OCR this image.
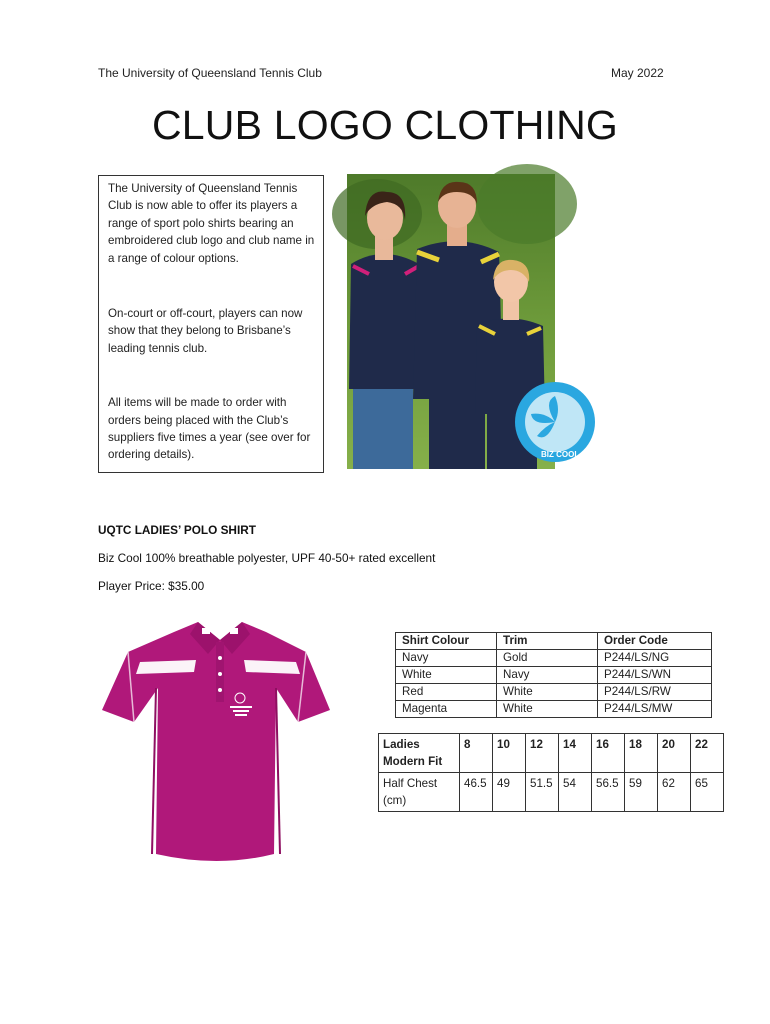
The University of Queensland Tennis Club	May 2022
CLUB LOGO CLOTHING

The University of Queensland Tennis Club is now able to offer its players a range of sport polo shirts bearing an embroidered club logo and club name in a range of colour options.

On-court or off-court, players can now show that they belong to Brisbane’s leading tennis club.

All items will be made to order with orders being placed with the Club’s suppliers five times a year (see over for ordering details).	BIZ COOL
UQTC LADIES’ POLO SHIRT
Biz Cool 100% breathable polyester, UPF 40-50+ rated excellent
Player Price: $35.00
Shirt Colour	Trim	Order Code
Navy	Gold	P244/LS/NG
White	Navy	P244/LS/WN
Red	White	P244/LS/RW
Magenta	White	P244/LS/MW
Ladies Modern Fit	8	10	12	14	16	18	20	22
Half Chest (cm)	46.5	49	51.5	54	56.5	59	62	65
